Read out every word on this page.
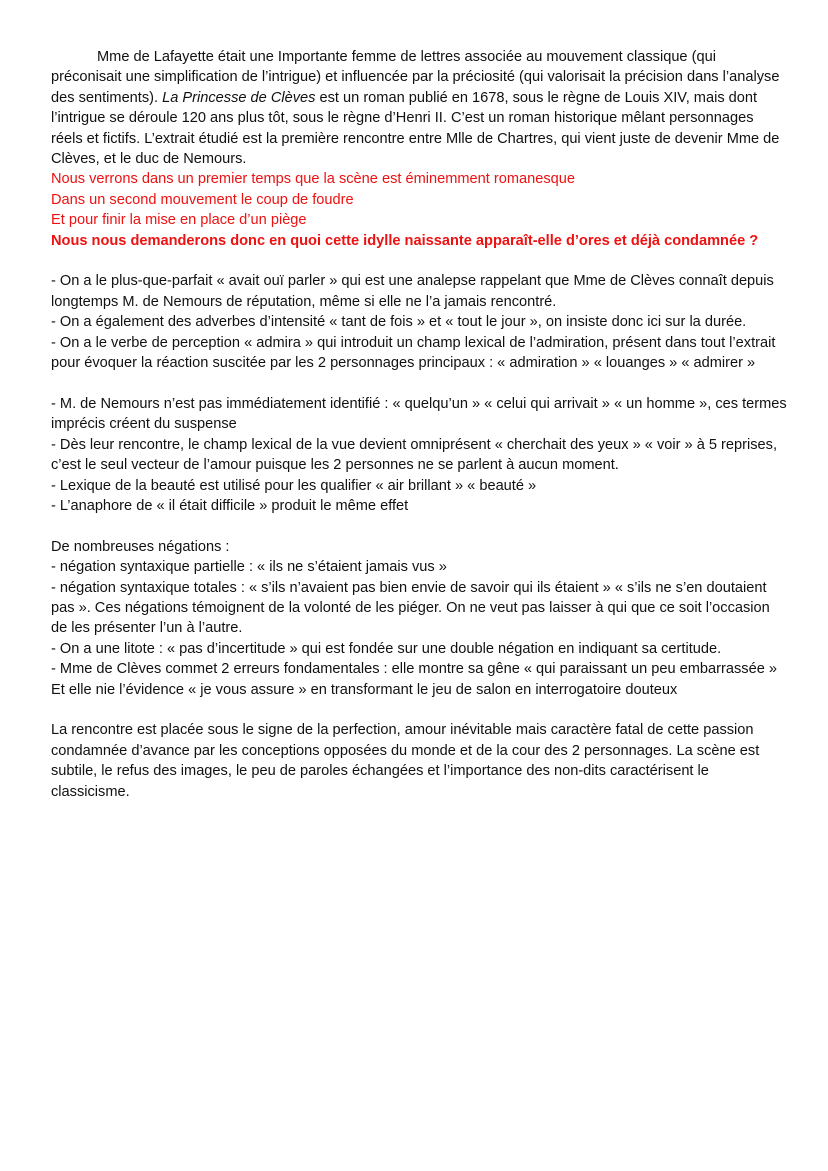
Mme de Lafayette était une Importante femme de lettres associée au mouvement classique (qui préconisait une simplification de l’intrigue) et influencée par la préciosité (qui valorisait la précision dans l’analyse des sentiments). La Princesse de Clèves est un roman publié en 1678, sous le règne de Louis XIV, mais dont l’intrigue se déroule 120 ans plus tôt, sous le règne d’Henri II. C’est un roman historique mêlant personnages réels et fictifs. L’extrait étudié est la première rencontre entre Mlle de Chartres, qui vient juste de devenir Mme de Clèves, et le duc de Nemours.

Nous verrons dans un premier temps que la scène est éminemment romanesque
Dans un second mouvement le coup de foudre
Et pour finir la mise en place d’un piège
Nous nous demanderons donc en quoi cette idylle naissante apparaît-elle d’ores et déjà condamnée ?

- On a le plus-que-parfait « avait ouï parler » qui est une analepse rappelant que Mme de Clèves connaît depuis longtemps M. de Nemours de réputation, même si elle ne l’a jamais rencontré.

- On a également des adverbes d’intensité « tant de fois » et « tout le jour », on insiste donc ici sur la durée.

- On a le verbe de perception « admira » qui introduit un champ lexical de l’admiration, présent dans tout l’extrait pour évoquer la réaction suscitée par les 2 personnages principaux : « admiration » « louanges » « admirer »

- M. de Nemours n’est pas immédiatement identifié : « quelqu’un » « celui qui arrivait » « un homme », ces termes imprécis créent du suspense

- Dès leur rencontre, le champ lexical de la vue devient omniprésent « cherchait des yeux » « voir » à 5 reprises, c’est le seul vecteur de l’amour puisque les 2 personnes ne se parlent à aucun moment.

- Lexique de la beauté est utilisé pour les qualifier « air brillant » « beauté »

- L’anaphore de « il était difficile » produit le même effet

De nombreuses négations :

- négation syntaxique partielle : « ils ne s’étaient jamais vus »

- négation syntaxique totales : « s’ils n’avaient pas bien envie de savoir qui ils étaient » « s’ils ne s’en doutaient pas ». Ces négations témoignent de la volonté de les piéger. On ne veut pas laisser à qui que ce soit l’occasion de les présenter l’un à l’autre.

- On a une litote : « pas d’incertitude » qui est fondée sur une double négation en indiquant sa certitude.

- Mme de Clèves commet 2 erreurs fondamentales : elle montre sa gêne « qui paraissant un peu embarrassée »

Et elle nie l’évidence « je vous assure » en transformant le jeu de salon en interrogatoire douteux

La rencontre est placée sous le signe de la perfection, amour inévitable mais caractère fatal de cette passion condamnée d’avance par les conceptions opposées du monde et de la cour des 2 personnages. La scène est subtile, le refus des images, le peu de paroles échangées et l’importance des non-dits caractérisent le classicisme.
